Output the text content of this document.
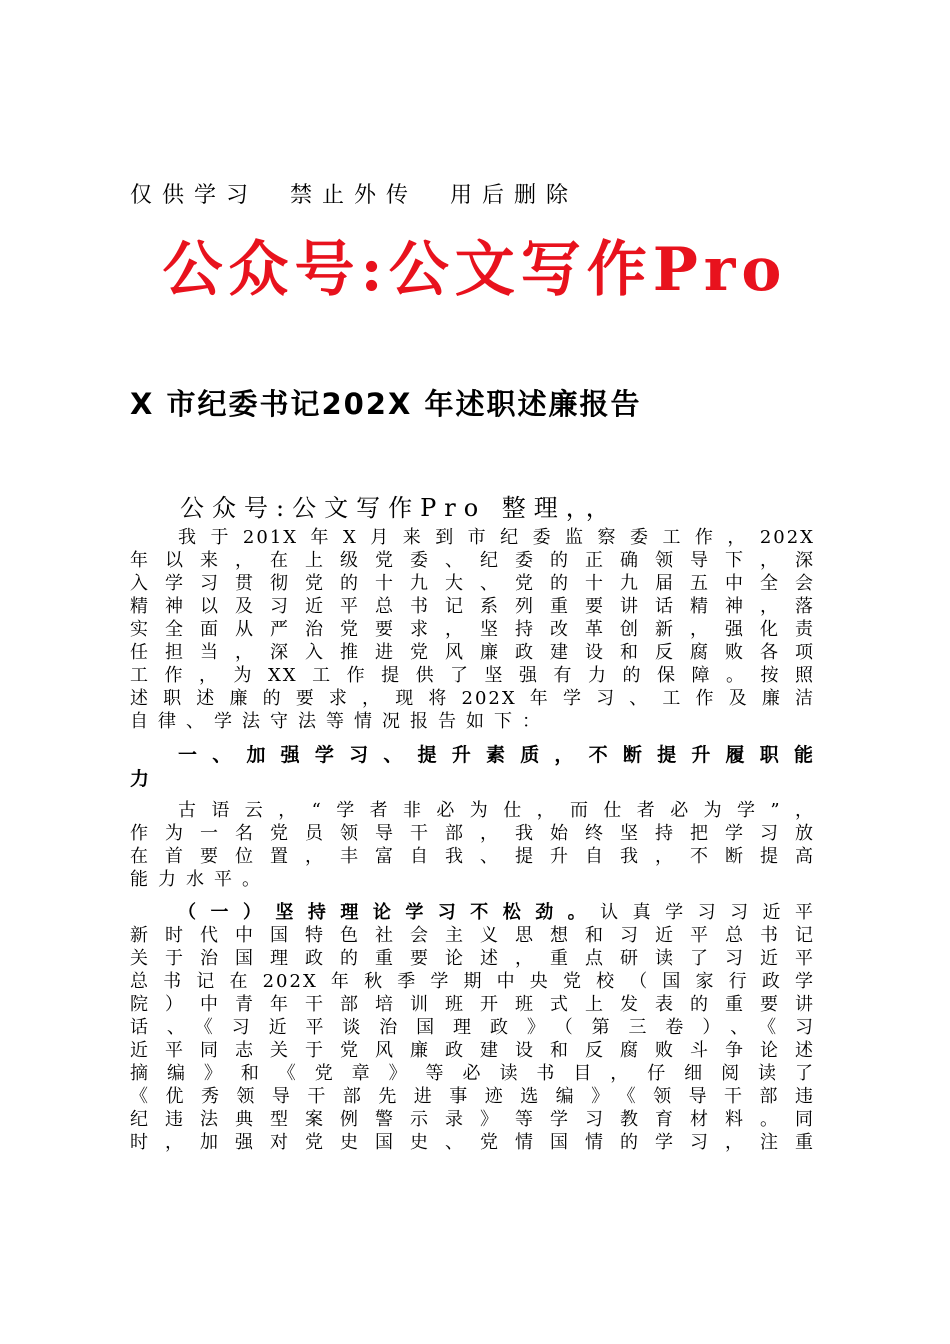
仅供学习　禁止外传　用后删除
公众号:公文写作Pro
X 市纪委书记202X 年述职述廉报告
公众号:公文写作Pro 整理，，
我于201X年X月来到市纪委监察委工作，202X
年以来，在上级党委、纪委的正确领导下，深
入学习贯彻党的十九大、党的十九届五中全会
精神以及习近平总书记系列重要讲话精神，落
实全面从严治党要求，坚持改革创新，强化责
任担当，深入推进党风廉政建设和反腐败各项
工作，为XX工作提供了坚强有力的保障。按照
述职述廉的要求，现将202X年学习、工作及廉洁
自律、学法守法等情况报告如下：
一、加强学习、提升素质，不断提升履职能
力
古语云，“学者非必为仕，而仕者必为学”，
作为一名党员领导干部，我始终坚持把学习放
在首要位置，丰富自我、提升自我，不断提高
能力水平。
（一）坚持理论学习不松劲。认真学习习近平
新时代中国特色社会主义思想和习近平总书记
关于治国理政的重要论述，重点研读了习近平
总书记在202X年秋季学期中央党校（国家行政学
院）中青年干部培训班开班式上发表的重要讲
话、《习近平谈治国理政》（第三卷）、《习
近平同志关于党风廉政建设和反腐败斗争论述
摘编》和《党章》等必读书目，仔细阅读了
《优秀领导干部先进事迹选编》《领导干部违
纪违法典型案例警示录》等学习教育材料。同
时，加强对党史国史、党情国情的学习，注重
